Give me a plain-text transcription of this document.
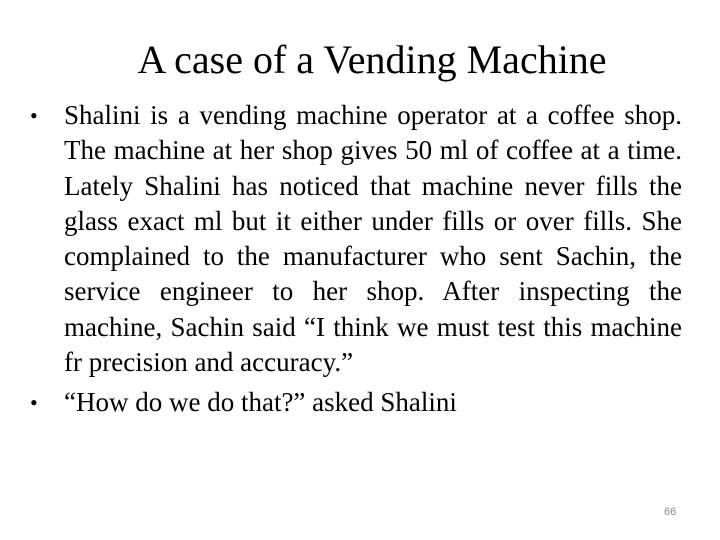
A case of a Vending Machine
• Shalini is a vending machine operator at a coffee shop. The machine at her shop gives 50 ml of coffee at a time. Lately Shalini has noticed that machine never fills the glass exact ml but it either under fills or over fills. She complained to the manufacturer who sent Sachin, the service engineer to her shop. After inspecting the machine, Sachin said “I think we must test this machine fr precision and accuracy.”
• “How do we do that?” asked Shalini
66
